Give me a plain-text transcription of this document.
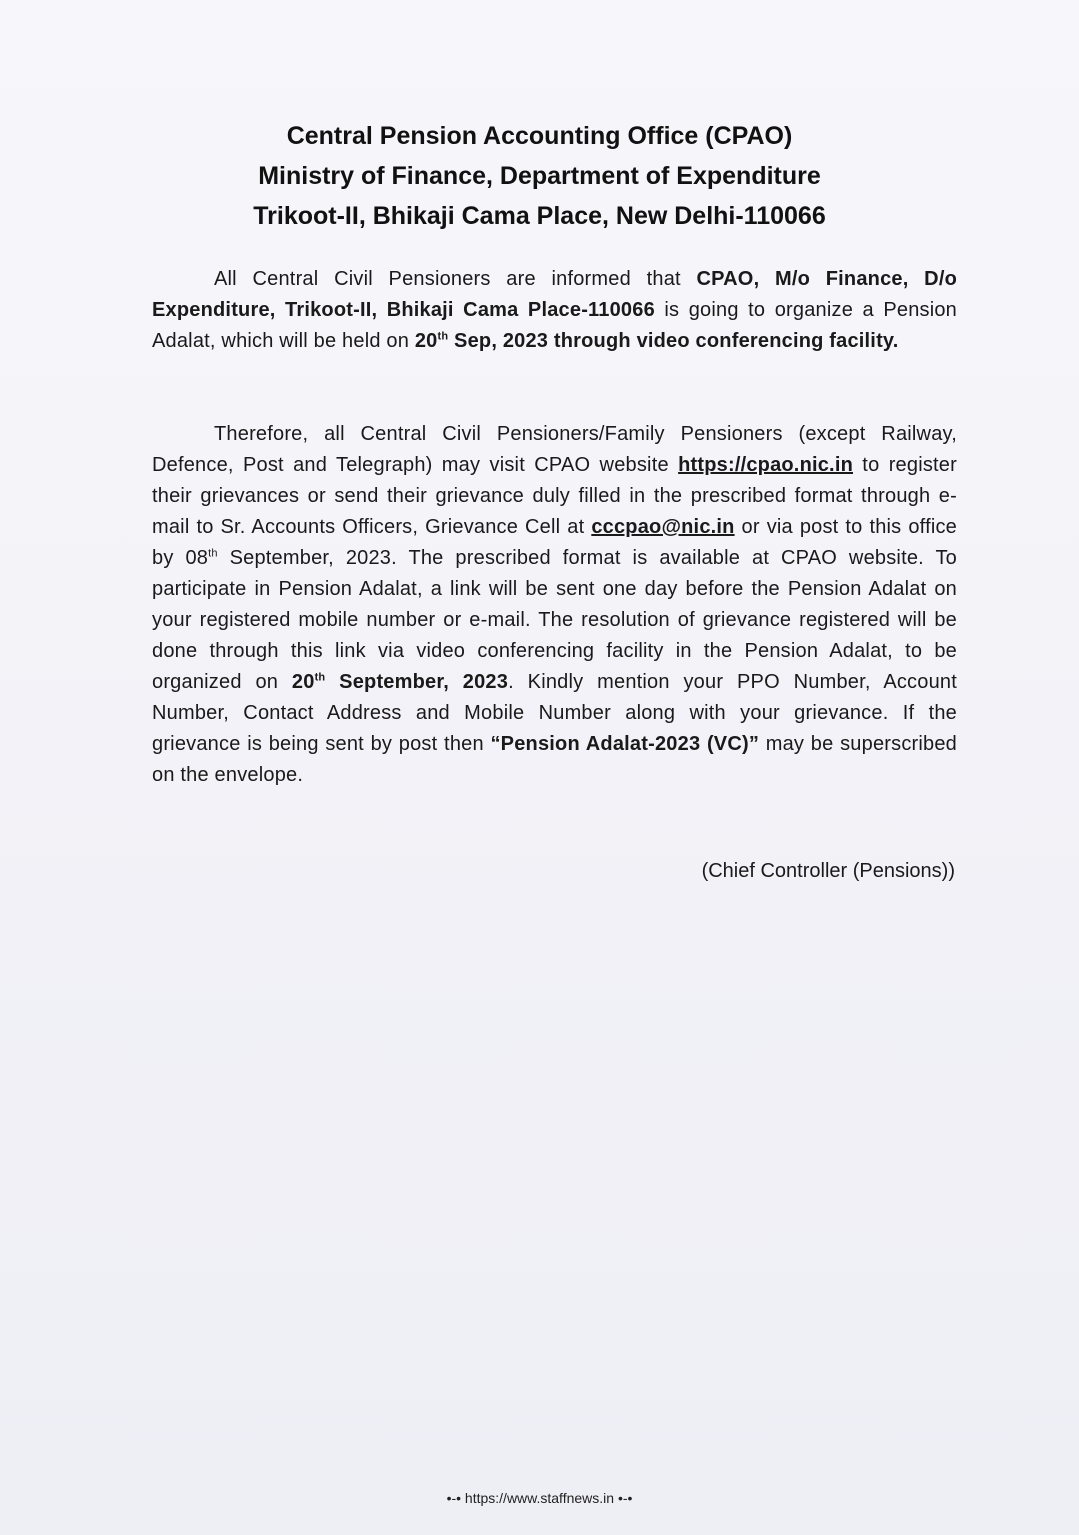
Central Pension Accounting Office (CPAO)
Ministry of Finance, Department of Expenditure
Trikoot-II, Bhikaji Cama Place, New Delhi-110066
All Central Civil Pensioners are informed that CPAO, M/o Finance, D/o Expenditure, Trikoot-II, Bhikaji Cama Place-110066 is going to organize a Pension Adalat, which will be held on 20th Sep, 2023 through video conferencing facility.
Therefore, all Central Civil Pensioners/Family Pensioners (except Railway, Defence, Post and Telegraph) may visit CPAO website https://cpao.nic.in to register their grievances or send their grievance duly filled in the prescribed format through e-mail to Sr. Accounts Officers, Grievance Cell at cccpao@nic.in or via post to this office by 08th September, 2023. The prescribed format is available at CPAO website. To participate in Pension Adalat, a link will be sent one day before the Pension Adalat on your registered mobile number or e-mail. The resolution of grievance registered will be done through this link via video conferencing facility in the Pension Adalat, to be organized on 20th September, 2023. Kindly mention your PPO Number, Account Number, Contact Address and Mobile Number along with your grievance. If the grievance is being sent by post then “Pension Adalat-2023 (VC)” may be superscribed on the envelope.
(Chief Controller (Pensions))
•-• https://www.staffnews.in •-•
